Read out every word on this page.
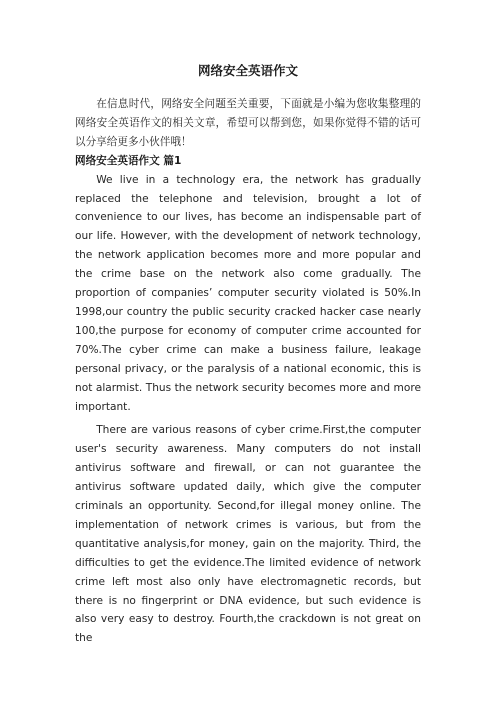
网络安全英语作文

在信息时代，网络安全问题至关重要，下面就是小编为您收集整理的网络安全英语作文的相关文章，希望可以帮到您，如果你觉得不错的话可以分享给更多小伙伴哦！

网络安全英语作文 篇1

We live in a technology era, the network has gradually replaced the telephone and television, brought a lot of convenience to our lives, has become an indispensable part of our life. However, with the development of network technology, the network application becomes more and more popular and the crime base on the network also come gradually. The proportion of companies’ computer security violated is 50%.In 1998,our country the public security cracked hacker case nearly 100,the purpose for economy of computer crime accounted for 70%.The cyber crime can make a business failure, leakage personal privacy, or the paralysis of a national economic, this is not alarmist. Thus the network security becomes more and more important.

There are various reasons of cyber crime.First,the computer user's security awareness. Many computers do not install antivirus software and firewall, or can not guarantee the antivirus software updated daily, which give the computer criminals an opportunity. Second,for illegal money online. The implementation of network crimes is various, but from the quantitative analysis,for money, gain on the majority. Third, the difficulties to get the evidence.The limited evidence of network crime left most also only have electromagnetic records, but there is no fingerprint or DNA evidence, but such evidence is also very easy to destroy. Fourth,the crackdown is not great on the
